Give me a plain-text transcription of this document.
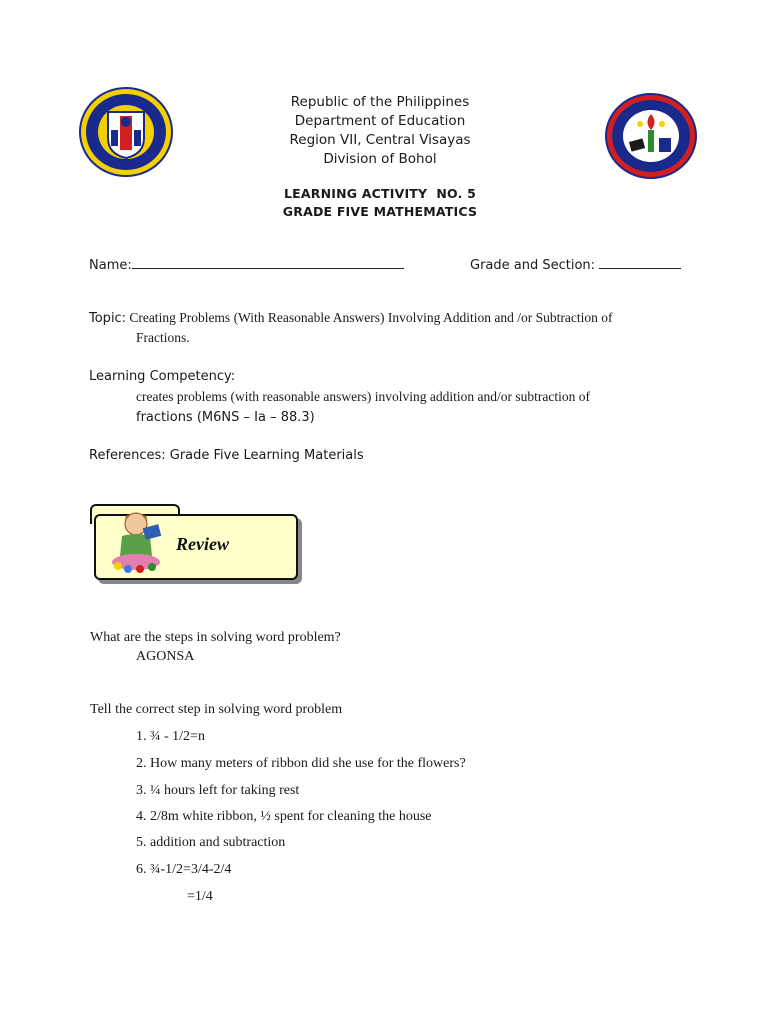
Republic of the Philippines
Department of Education
Region VII, Central Visayas
Division of Bohol
LEARNING ACTIVITY  NO. 5
GRADE FIVE MATHEMATICS
Name:	Grade and Section:
Topic: Creating Problems (With Reasonable Answers) Involving Addition and /or Subtraction of
Fractions.
Learning Competency:
creates problems (with reasonable answers) involving addition and/or subtraction of
fractions (M6NS – Ia – 88.3)
References: Grade Five Learning Materials
Review
What are the steps in solving word problem?
AGONSA
Tell the correct step in solving word problem
1. ¾ - 1/2=n
2. How many meters of ribbon did she use for the flowers?
3. ¼ hours left for taking rest
4. 2/8m white ribbon, ½ spent for cleaning the house
5. addition and subtraction
6. ¾-1/2=3/4-2/4
=1/4
